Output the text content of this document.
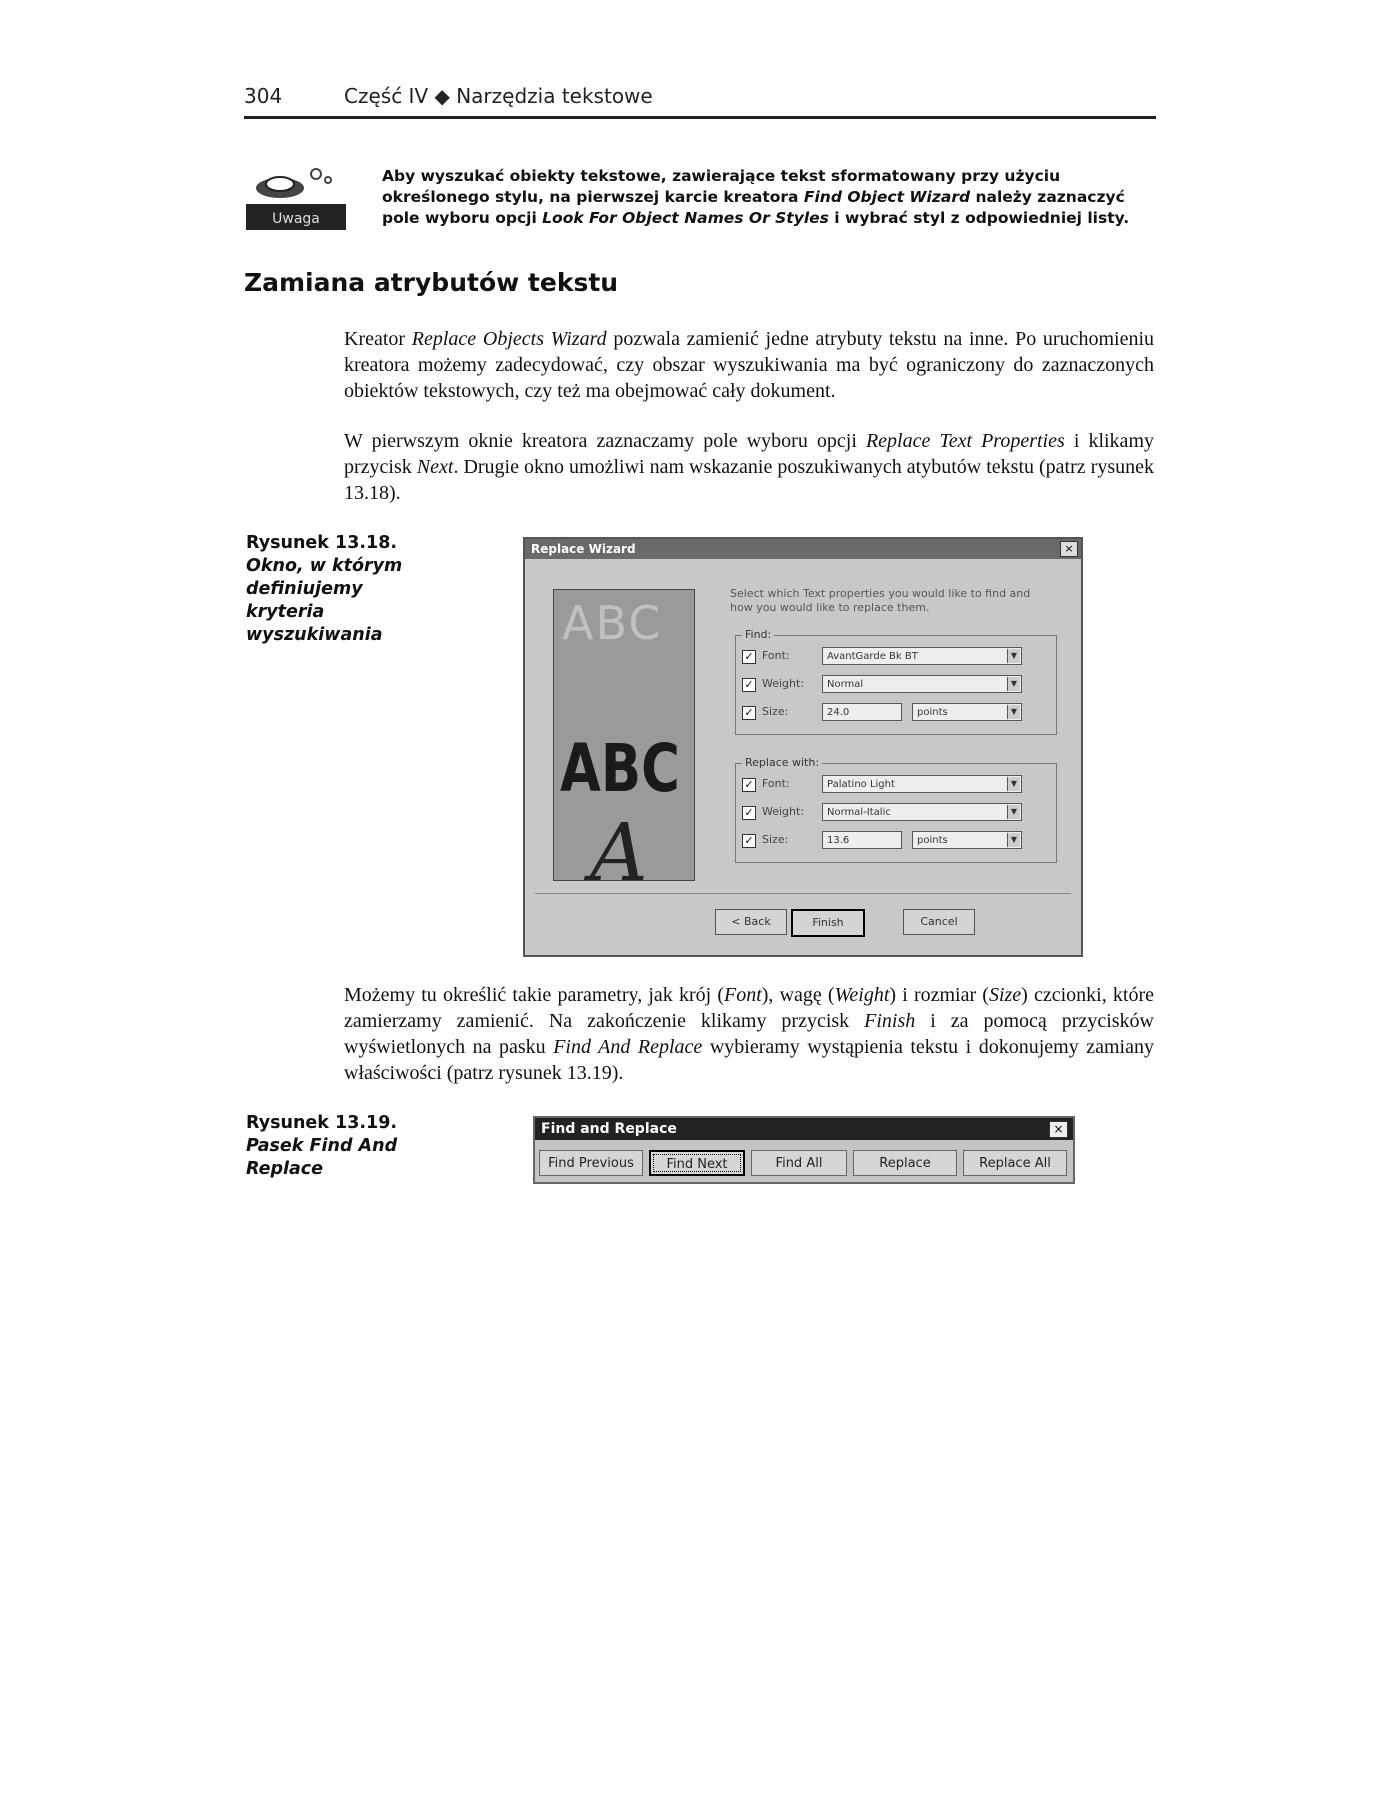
304	Część IV ◆ Narzędzia tekstowe
Uwaga
Aby wyszukać obiekty tekstowe, zawierające tekst sformatowany przy użyciu określonego stylu, na pierwszej karcie kreatora Find Object Wizard należy zaznaczyć pole wyboru opcji Look For Object Names Or Styles i wybrać styl z odpowiedniej listy.
Zamiana atrybutów tekstu
Kreator Replace Objects Wizard pozwala zamienić jedne atrybuty tekstu na inne. Po uruchomieniu kreatora możemy zadecydować, czy obszar wyszukiwania ma być ograniczony do zaznaczonych obiektów tekstowych, czy też ma obejmować cały dokument.
W pierwszym oknie kreatora zaznaczamy pole wyboru opcji Replace Text Properties i klikamy przycisk Next. Drugie okno umożliwi nam wskazanie poszukiwanych atybutów tekstu (patrz rysunek 13.18).
Rysunek 13.18.
Okno, w którym definiujemy kryteria wyszukiwania
Replace Wizard	×
ABC
ABC
A
Select which Text properties you would like to find and how you would like to replace them.
Find:
✓ Font:	AvantGarde Bk BT	▼
✓ Weight:	Normal	▼
✓ Size:	24.0	points	▼
Replace with:
✓ Font:	Palatino Light	▼
✓ Weight:	Normal-Italic	▼
✓ Size:	13.6	points	▼
< Back	Finish	Cancel
Możemy tu określić takie parametry, jak krój (Font), wagę (Weight) i rozmiar (Size) czcionki, które zamierzamy zamienić. Na zakończenie klikamy przycisk Finish i za pomocą przycisków wyświetlonych na pasku Find And Replace wybieramy wystąpienia tekstu i dokonujemy zamiany właściwości (patrz rysunek 13.19).
Rysunek 13.19.
Pasek Find And Replace
Find and Replace	×
Find Previous	Find Next	Find All	Replace	Replace All
